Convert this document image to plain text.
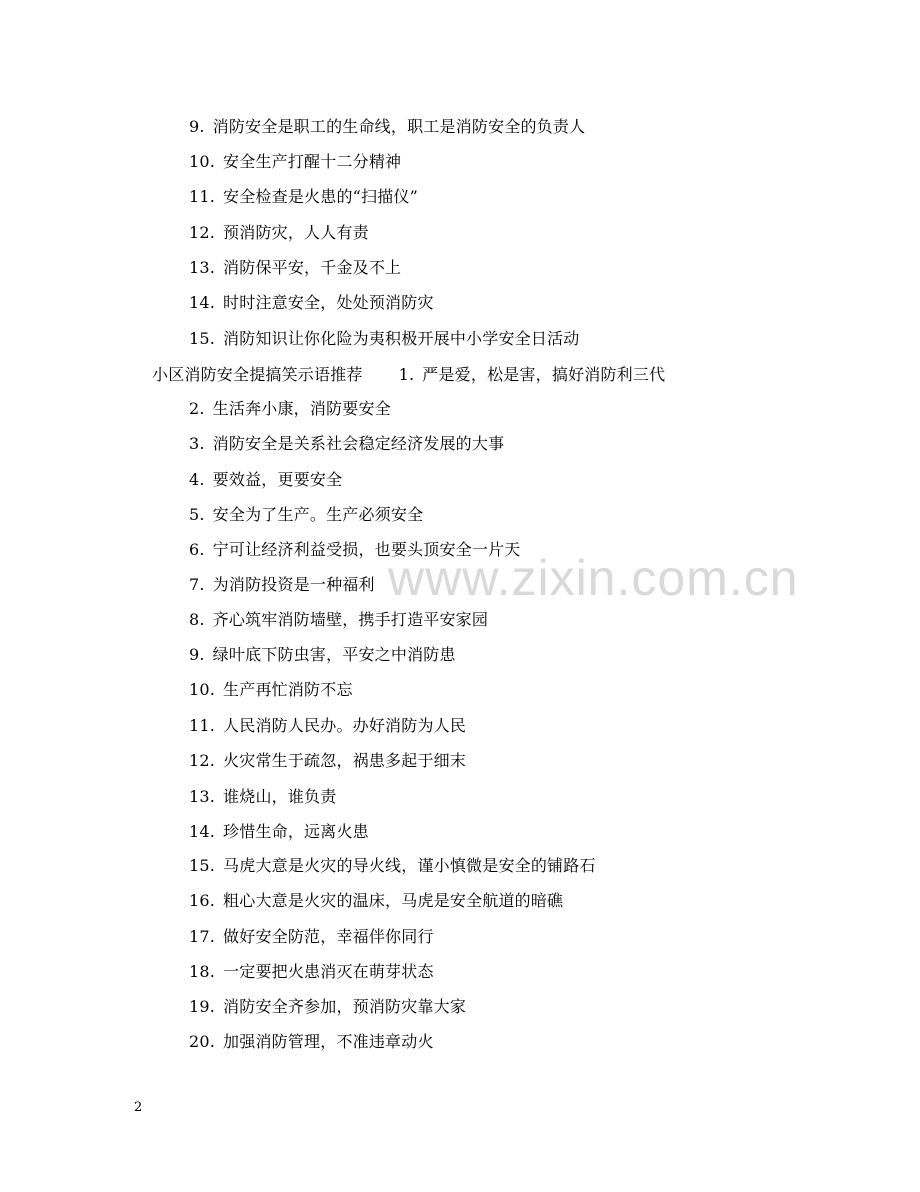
www.zixin.com.cn
9. 消防安全是职工的生命线，职工是消防安全的负责人
10. 安全生产打醒十二分精神
11. 安全检查是火患的“扫描仪”
12. 预消防灾，人人有责
13. 消防保平安，千金及不上
14. 时时注意安全，处处预消防灾
15. 消防知识让你化险为夷积极开展中小学安全日活动
小区消防安全提搞笑示语推荐 1. 严是爱，松是害，搞好消防利三代
2. 生活奔小康，消防要安全
3. 消防安全是关系社会稳定经济发展的大事
4. 要效益，更要安全
5. 安全为了生产。生产必须安全
6. 宁可让经济利益受损，也要头顶安全一片天
7. 为消防投资是一种福利
8. 齐心筑牢消防墙壁，携手打造平安家园
9. 绿叶底下防虫害，平安之中消防患
10. 生产再忙消防不忘
11. 人民消防人民办。办好消防为人民
12. 火灾常生于疏忽，祸患多起于细末
13. 谁烧山，谁负责
14. 珍惜生命，远离火患
15. 马虎大意是火灾的导火线，谨小慎微是安全的铺路石
16. 粗心大意是火灾的温床，马虎是安全航道的暗礁
17. 做好安全防范，幸福伴你同行
18. 一定要把火患消灭在萌芽状态
19. 消防安全齐参加，预消防灾靠大家
20. 加强消防管理，不准违章动火
2
